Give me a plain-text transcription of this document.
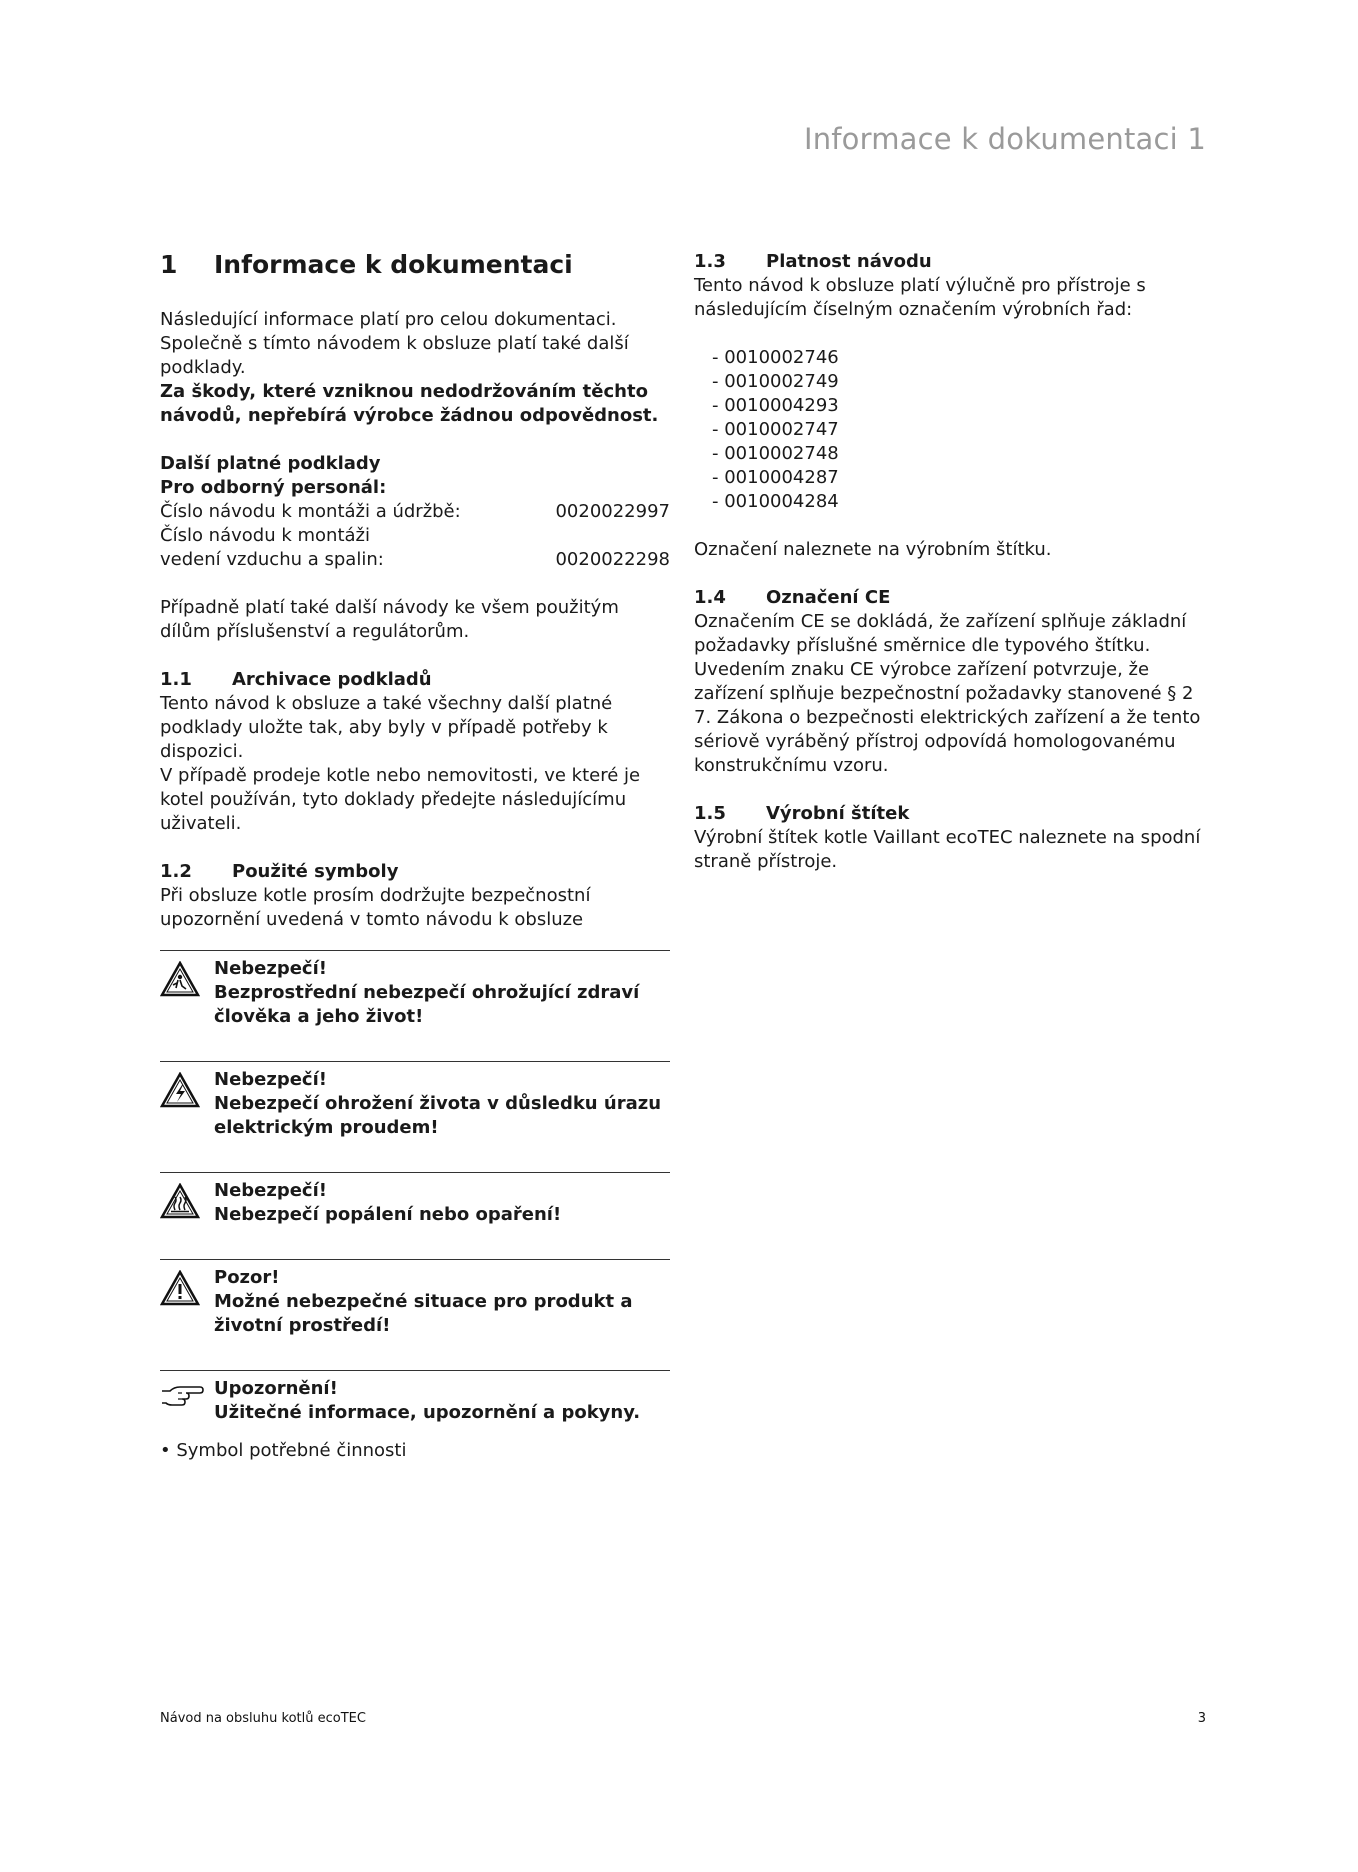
Informace k dokumentaci 1
1	Informace k dokumentaci

Následující informace platí pro celou dokumentaci. Společně s tímto návodem k obsluze platí také další podklady.

Za škody, které vzniknou nedodržováním těchto návodů, nepřebírá výrobce žádnou odpovědnost.

Další platné podklady

Pro odborný personál:

Číslo návodu k montáži a údržbě:	0020022997

Číslo návodu k montáži

vedení vzduchu a spalin:	0020022298

Případně platí také další návody ke všem použitým dílům příslušenství a regulátorům.

1.1	Archivace podkladů

Tento návod k obsluze a také všechny další platné podklady uložte tak, aby byly v případě potřeby k dispozici.

V případě prodeje kotle nebo nemovitosti, ve které je kotel používán, tyto doklady předejte následujícímu uživateli.

1.2	Použité symboly

Při obsluze kotle prosím dodržujte bezpečnostní upozornění uvedená v tomto návodu k obsluze

Nebezpečí!
Bezprostřední nebezpečí ohrožující zdraví člověka a jeho život!
Nebezpečí!
Nebezpečí ohrožení života v důsledku úrazu elektrickým proudem!
Nebezpečí!
Nebezpečí popálení nebo opaření!
Pozor!
Možné nebezpečné situace pro produkt a životní prostředí!
Upozornění!
Užitečné informace, upozornění a pokyny.

• Symbol potřebné činnosti

1.3	Platnost návodu

Tento návod k obsluze platí výlučně pro přístroje s následujícím číselným označením výrobních řad:

- 0010002746
- 0010002749
- 0010004293
- 0010002747
- 0010002748
- 0010004287
- 0010004284

Označení naleznete na výrobním štítku.

1.4	Označení CE

Označením CE se dokládá, že zařízení splňuje základní požadavky příslušné směrnice dle typového štítku. Uvedením znaku CE výrobce zařízení potvrzuje, že zařízení splňuje bezpečnostní požadavky stanovené § 2 7. Zákona o bezpečnosti elektrických zařízení a že tento sériově vyráběný přístroj odpovídá homologovanému konstrukčnímu vzoru.

1.5	Výrobní štítek

Výrobní štítek kotle Vaillant ecoTEC naleznete na spodní straně přístroje.

Návod na obsluhu kotlů ecoTEC	3
